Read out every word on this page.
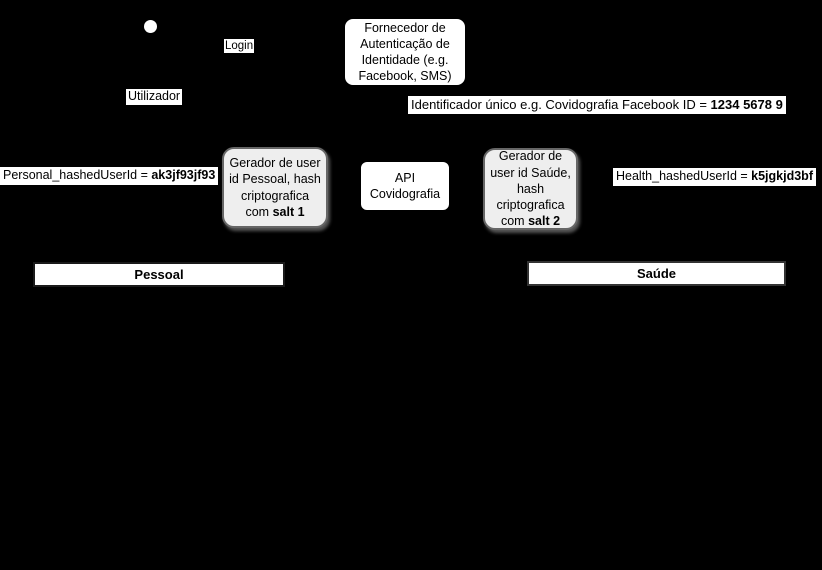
Login
Utilizador
Fornecedor de Autenticação de Identidade (e.g. Facebook, SMS)
Identificador único e.g. Covidografia Facebook ID = 1234 5678 9
Personal_hashedUserId = ak3jf93jf93
Gerador de user id Pessoal, hash criptografica com salt 1
API
Covidografia
Gerador de user id Saúde, hash criptografica com salt 2
Health_hashedUserId = k5jgkjd3bf
Pessoal	Saúde
